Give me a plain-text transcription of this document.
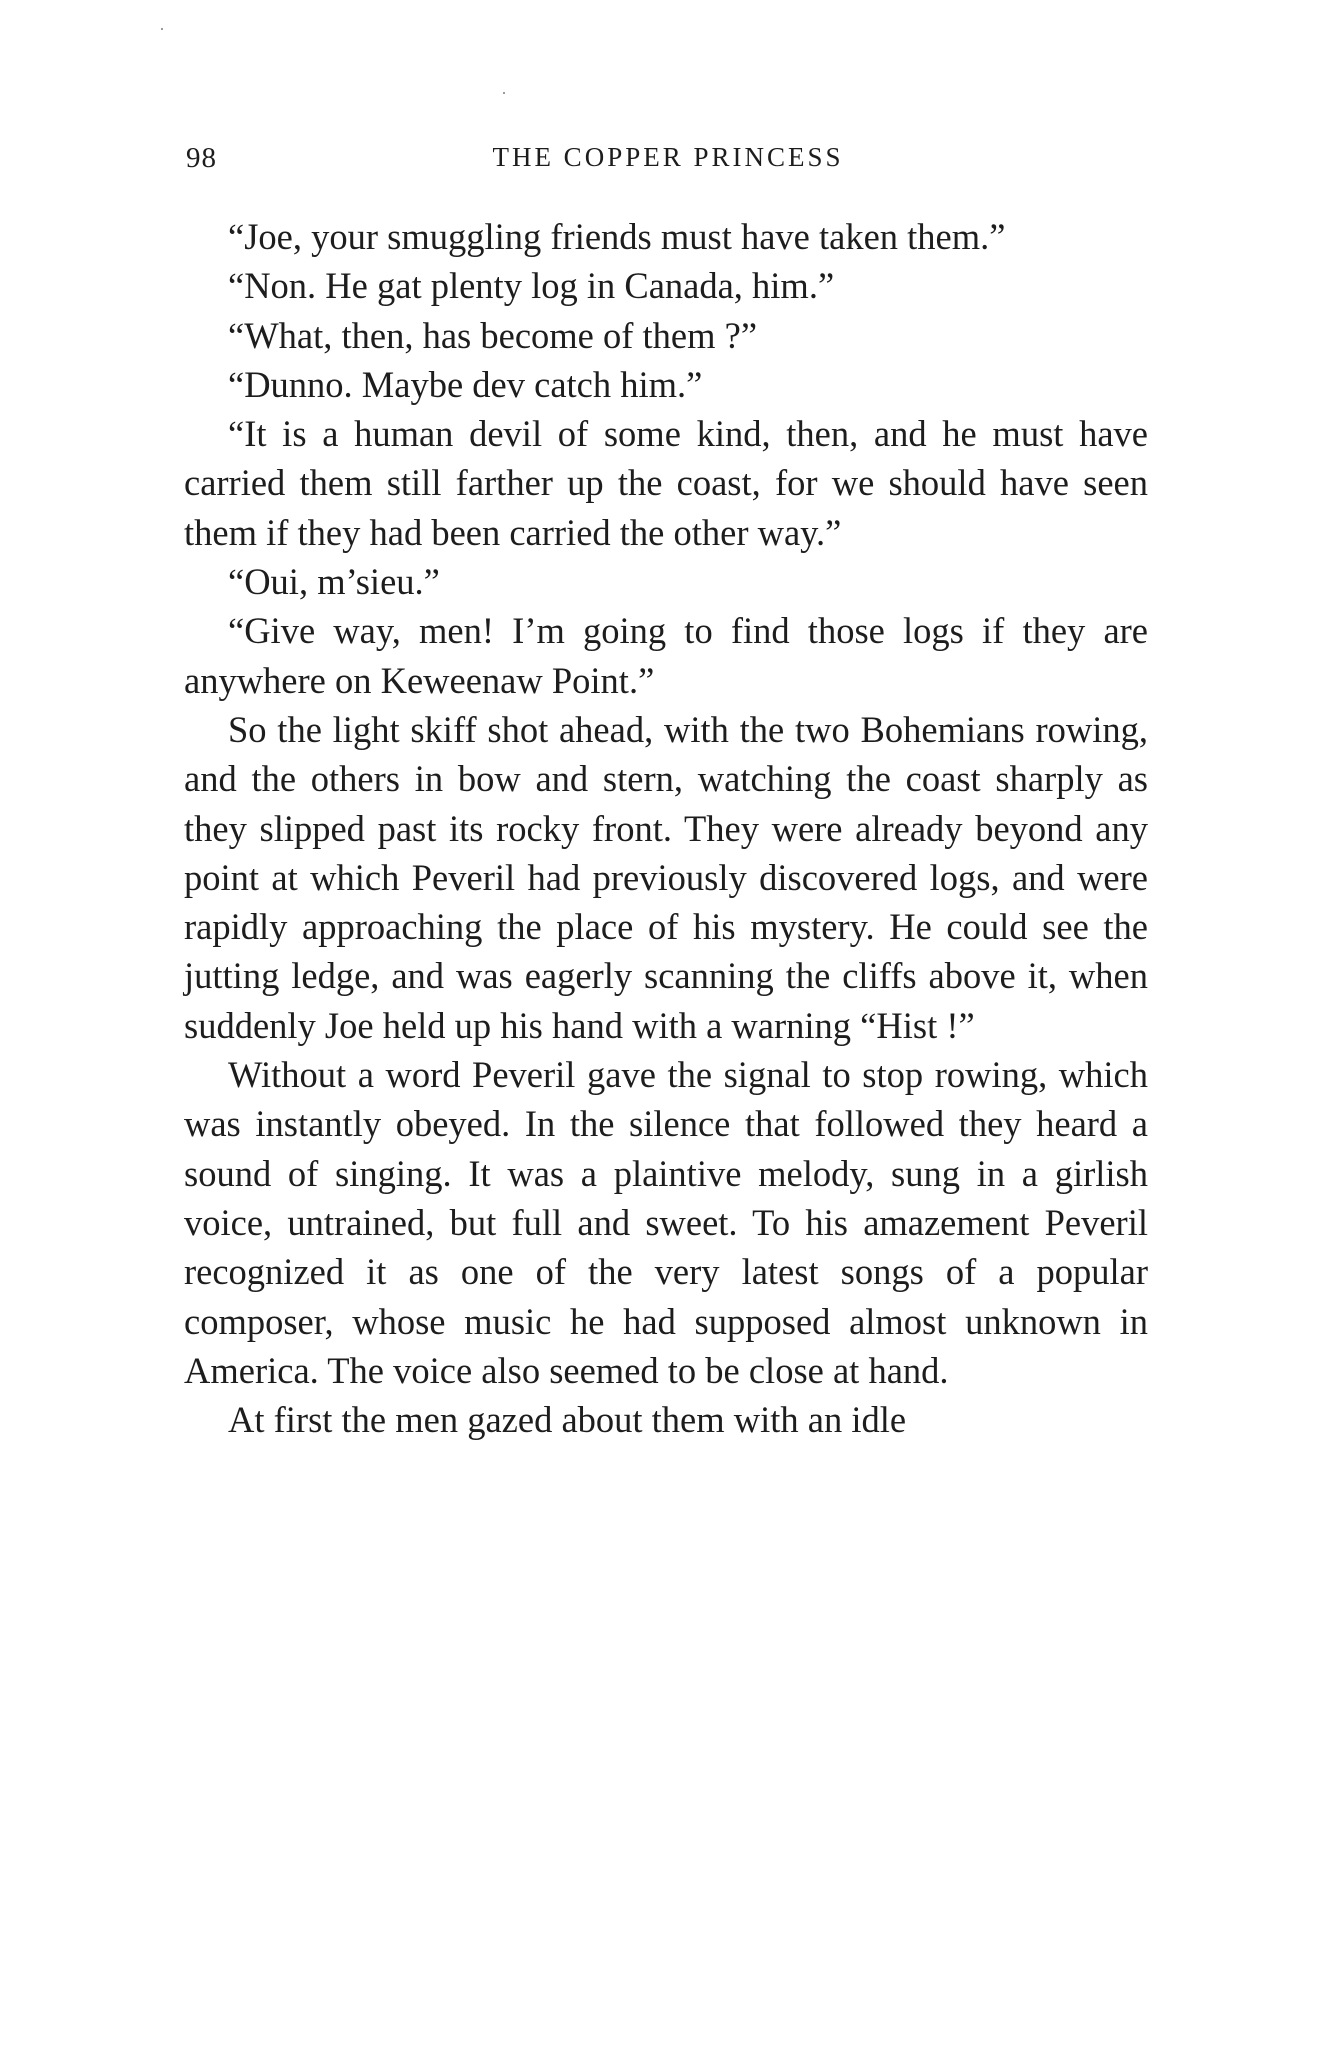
98	THE COPPER PRINCESS

“Joe, your smuggling friends must have taken them.”

“Non. He gat plenty log in Canada, him.”

“What, then, has become of them ?”

“Dunno. Maybe dev catch him.”

“It is a human devil of some kind, then, and he must have carried them still farther up the coast, for we should have seen them if they had been carried the other way.”

“Oui, m’sieu.”

“Give way, men! I’m going to find those logs if they are anywhere on Keweenaw Point.”

So the light skiff shot ahead, with the two Bohemians rowing, and the others in bow and stern, watching the coast sharply as they slipped past its rocky front. They were already beyond any point at which Peveril had previously discovered logs, and were rapidly approaching the place of his mystery. He could see the jutting ledge, and was eagerly scanning the cliffs above it, when suddenly Joe held up his hand with a warning “Hist !”

Without a word Peveril gave the signal to stop rowing, which was instantly obeyed. In the silence that followed they heard a sound of singing. It was a plaintive melody, sung in a girlish voice, untrained, but full and sweet. To his amazement Peveril recognized it as one of the very latest songs of a popular composer, whose music he had supposed almost unknown in America. The voice also seemed to be close at hand.

At first the men gazed about them with an idle
